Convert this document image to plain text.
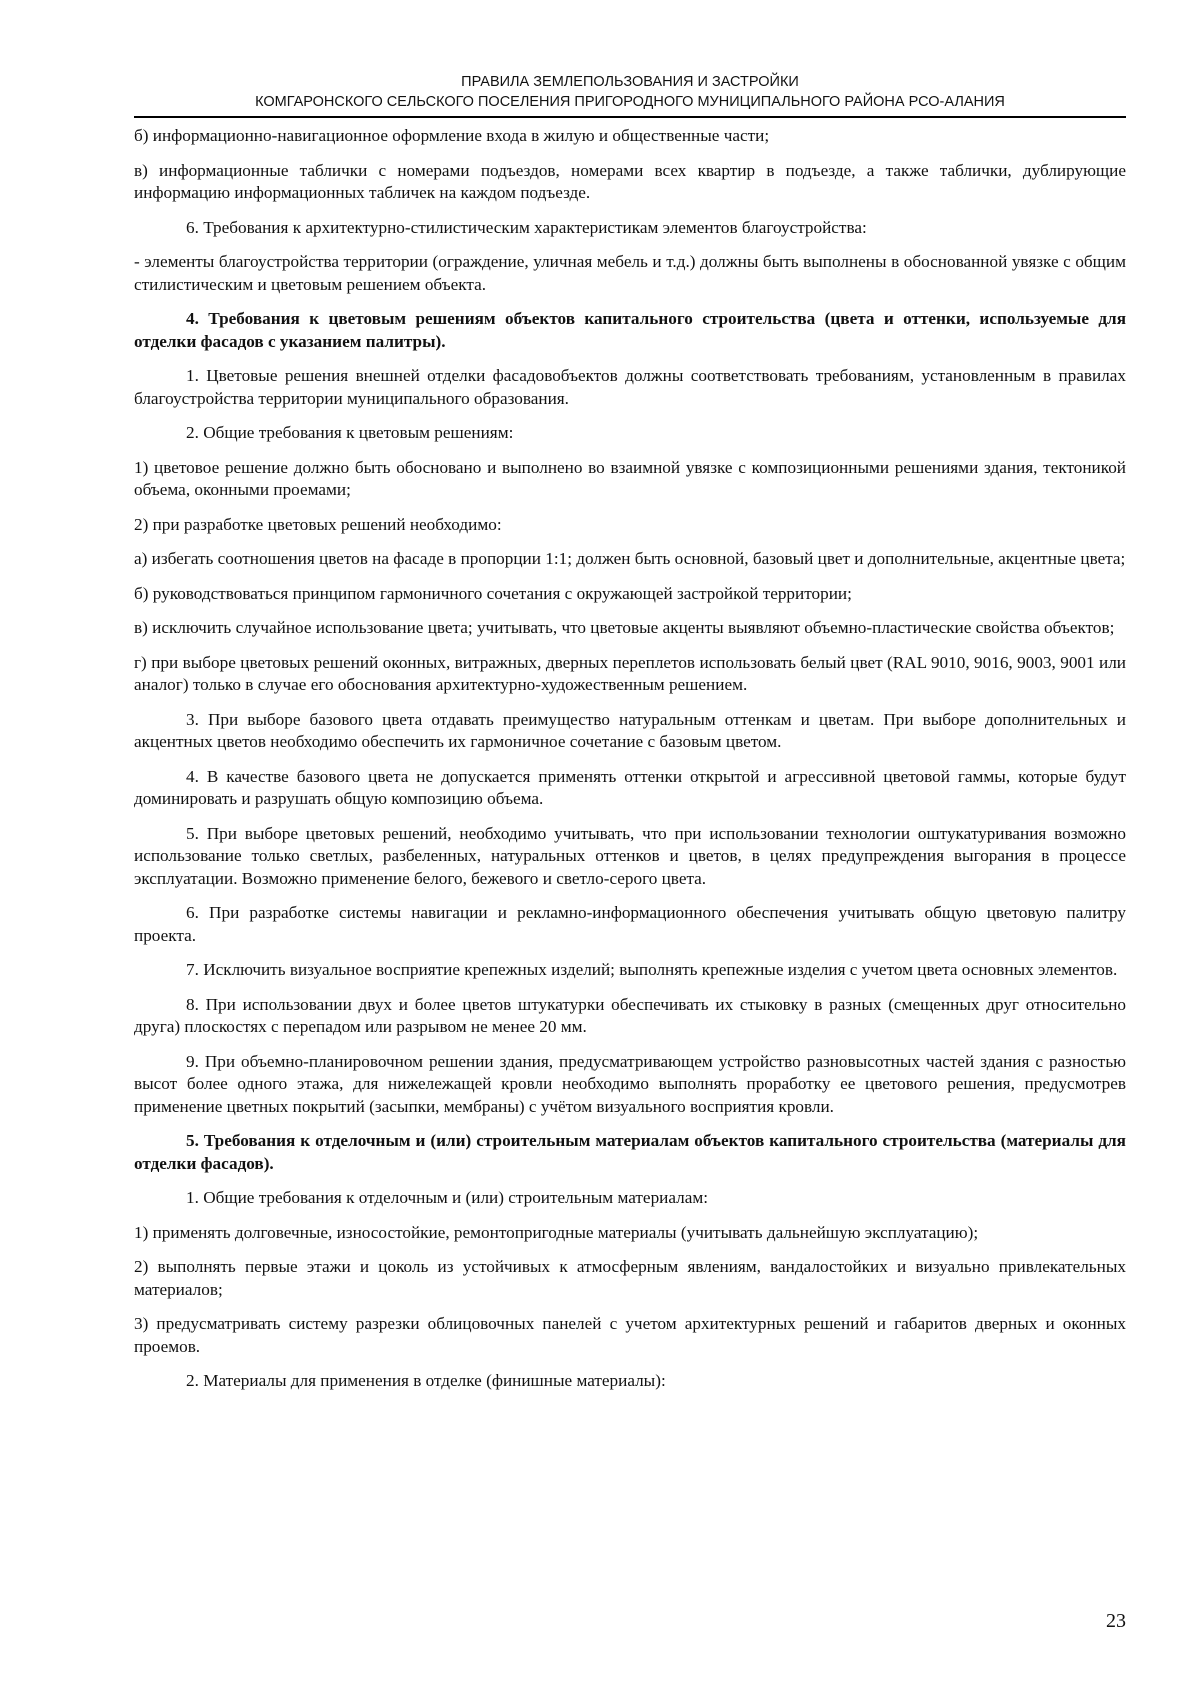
ПРАВИЛА ЗЕМЛЕПОЛЬЗОВАНИЯ И ЗАСТРОЙКИ
КОМГАРОНСКОГО СЕЛЬСКОГО ПОСЕЛЕНИЯ ПРИГОРОДНОГО МУНИЦИПАЛЬНОГО РАЙОНА РСО-АЛАНИЯ

б) информационно-навигационное оформление входа в жилую и общественные части;

в) информационные таблички с номерами подъездов, номерами всех квартир в подъезде, а также таблички, дублирующие информацию информационных табличек на каждом подъезде.

6. Требования к архитектурно-стилистическим характеристикам элементов благоустройства:

- элементы благоустройства территории (ограждение, уличная мебель и т.д.) должны быть выполнены в обоснованной увязке с общим стилистическим и цветовым решением объекта.

4. Требования к цветовым решениям объектов капитального строительства (цвета и оттенки, используемые для отделки фасадов с указанием палитры).

1. Цветовые решения внешней отделки фасадовобъектов должны соответствовать требованиям, установленным в правилах благоустройства территории муниципального образования.

2. Общие требования к цветовым решениям:

1) цветовое решение должно быть обосновано и выполнено во взаимной увязке с композиционными решениями здания, тектоникой объема, оконными проемами;

2) при разработке цветовых решений необходимо:

а) избегать соотношения цветов на фасаде в пропорции 1:1; должен быть основной, базовый цвет и дополнительные, акцентные цвета;

б) руководствоваться принципом гармоничного сочетания с окружающей застройкой территории;

в) исключить случайное использование цвета; учитывать, что цветовые акценты выявляют объемно-пластические свойства объектов;

г) при выборе цветовых решений оконных, витражных, дверных переплетов использовать белый цвет (RAL 9010, 9016, 9003, 9001 или аналог) только в случае его обоснования архитектурно-художественным решением.

3. При выборе базового цвета отдавать преимущество натуральным оттенкам и цветам. При выборе дополнительных и акцентных цветов необходимо обеспечить их гармоничное сочетание с базовым цветом.

4. В качестве базового цвета не допускается применять оттенки открытой и агрессивной цветовой гаммы, которые будут доминировать и разрушать общую композицию объема.

5. При выборе цветовых решений, необходимо учитывать, что при использовании технологии оштукатуривания возможно использование только светлых, разбеленных, натуральных оттенков и цветов, в целях предупреждения выгорания в процессе эксплуатации. Возможно применение белого, бежевого и светло-серого цвета.

6. При разработке системы навигации и рекламно-информационного обеспечения учитывать общую цветовую палитру проекта.

7. Исключить визуальное восприятие крепежных изделий; выполнять крепежные изделия с учетом цвета основных элементов.

8. При использовании двух и более цветов штукатурки обеспечивать их стыковку в разных (смещенных друг относительно друга) плоскостях с перепадом или разрывом не менее 20 мм.

9. При объемно-планировочном решении здания, предусматривающем устройство разновысотных частей здания с разностью высот более одного этажа, для нижележащей кровли необходимо выполнять проработку ее цветового решения, предусмотрев применение цветных покрытий (засыпки, мембраны) с учётом визуального восприятия кровли.

5. Требования к отделочным и (или) строительным материалам объектов капитального строительства (материалы для отделки фасадов).

1. Общие требования к отделочным и (или) строительным материалам:

1) применять долговечные, износостойкие, ремонтопригодные материалы (учитывать дальнейшую эксплуатацию);

2) выполнять первые этажи и цоколь из устойчивых к атмосферным явлениям, вандалостойких и визуально привлекательных материалов;

3) предусматривать систему разрезки облицовочных панелей с учетом архитектурных решений и габаритов дверных и оконных проемов.

2. Материалы для применения в отделке (финишные материалы):

23
